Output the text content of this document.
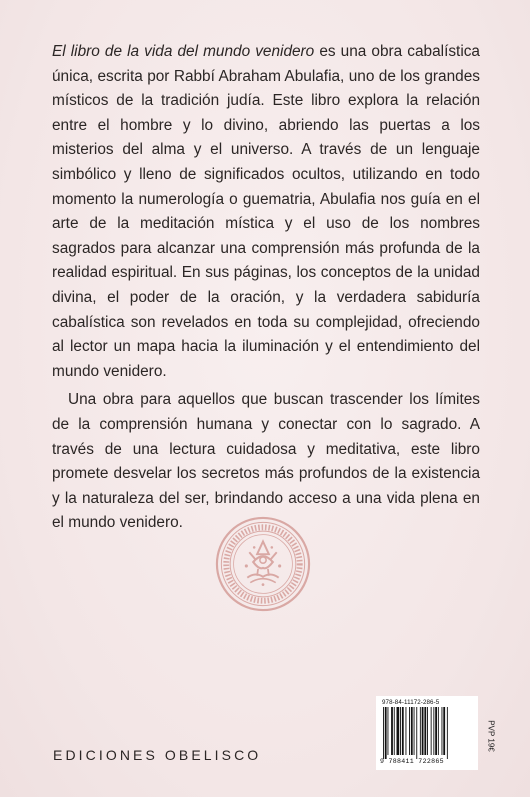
El libro de la vida del mundo venidero es una obra cabalística única, escrita por Rabbí Abraham Abulafia, uno de los grandes místicos de la tradición judía. Este libro explora la relación entre el hombre y lo divino, abriendo las puertas a los misterios del alma y el universo. A través de un lenguaje simbólico y lleno de significados ocultos, utilizando en todo momento la numerología o guematria, Abulafia nos guía en el arte de la meditación mística y el uso de los nombres sagrados para alcanzar una comprensión más profunda de la realidad espiritual. En sus páginas, los conceptos de la unidad divina, el poder de la oración, y la verdadera sabiduría cabalística son revelados en toda su complejidad, ofreciendo al lector un mapa hacia la iluminación y el entendimiento del mundo venidero.

Una obra para aquellos que buscan trascender los límites de la comprensión humana y conectar con lo sagrado. A través de una lectura cuidadosa y meditativa, este libro promete desvelar los secretos más profundos de la existencia y la naturaleza del ser, brindando acceso a una vida plena en el mundo venidero.

EDICIONES OBELISCO
978-84-11172-286-5
9 788411 722865
PVP 19€
